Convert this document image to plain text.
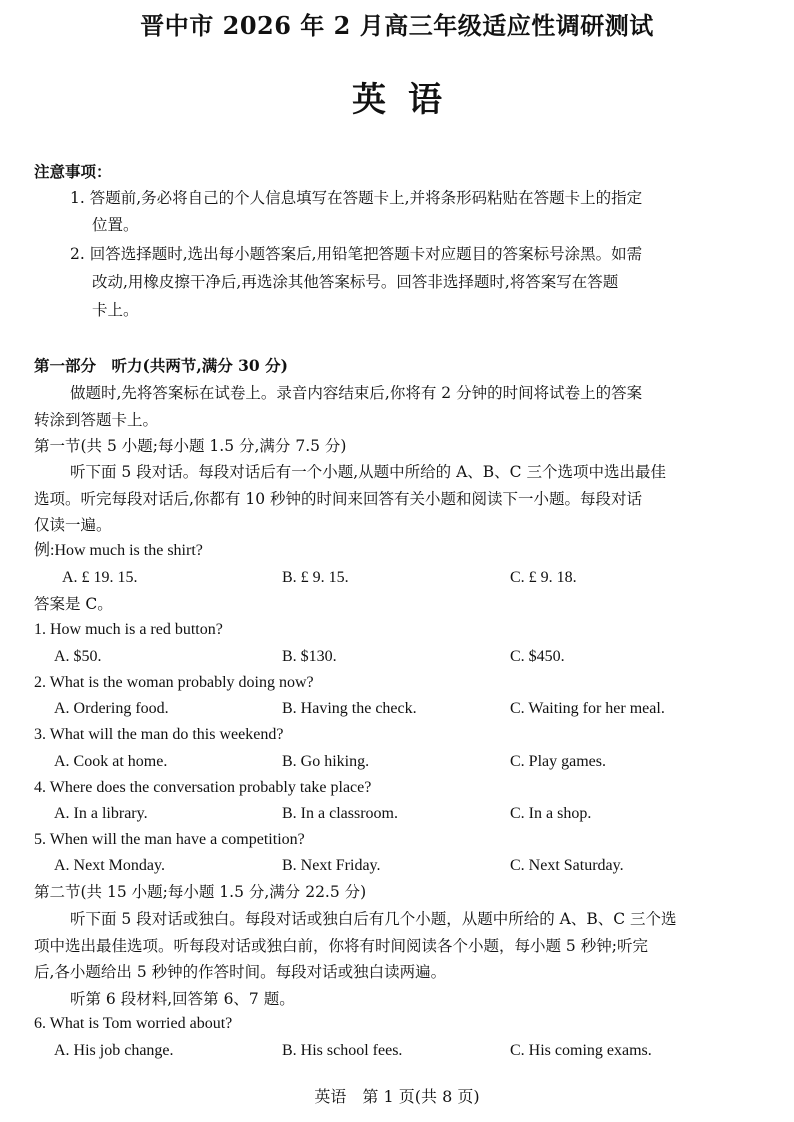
晋中市 2026 年 2 月高三年级适应性调研测试
英语
注意事项：
1. 答题前,务必将自己的个人信息填写在答题卡上,并将条形码粘贴在答题卡上的指定
位置。
2. 回答选择题时,选出每小题答案后,用铅笔把答题卡对应题目的答案标号涂黑。如需
改动,用橡皮擦干净后,再选涂其他答案标号。回答非选择题时,将答案写在答题
卡上。
第一部分　听力(共两节,满分 30 分)
做题时,先将答案标在试卷上。录音内容结束后,你将有 2 分钟的时间将试卷上的答案
转涂到答题卡上。
第一节(共 5 小题;每小题 1.5 分,满分 7.5 分)
听下面 5 段对话。每段对话后有一个小题,从题中所给的 A、B、C 三个选项中选出最佳
选项。听完每段对话后,你都有 10 秒钟的时间来回答有关小题和阅读下一小题。每段对话
仅读一遍。
例:How much is the shirt?
A. £ 19. 15.	B. £ 9. 15.	C. £ 9. 18.
答案是 C。
1. How much is a red button?
A. $50.	B. $130.	C. $450.
2. What is the woman probably doing now?
A. Ordering food.	B. Having the check.	C. Waiting for her meal.
3. What will the man do this weekend?
A. Cook at home.	B. Go hiking.	C. Play games.
4. Where does the conversation probably take place?
A. In a library.	B. In a classroom.	C. In a shop.
5. When will the man have a competition?
A. Next Monday.	B. Next Friday.	C. Next Saturday.
第二节(共 15 小题;每小题 1.5 分,满分 22.5 分)
听下面 5 段对话或独白。每段对话或独白后有几个小题，从题中所给的 A、B、C 三个选
项中选出最佳选项。听每段对话或独白前，你将有时间阅读各个小题，每小题 5 秒钟;听完
后,各小题给出 5 秒钟的作答时间。每段对话或独白读两遍。
听第 6 段材料,回答第 6、7 题。
6. What is Tom worried about?
A. His job change.	B. His school fees.	C. His coming exams.
英语　第 1 页(共 8 页)
